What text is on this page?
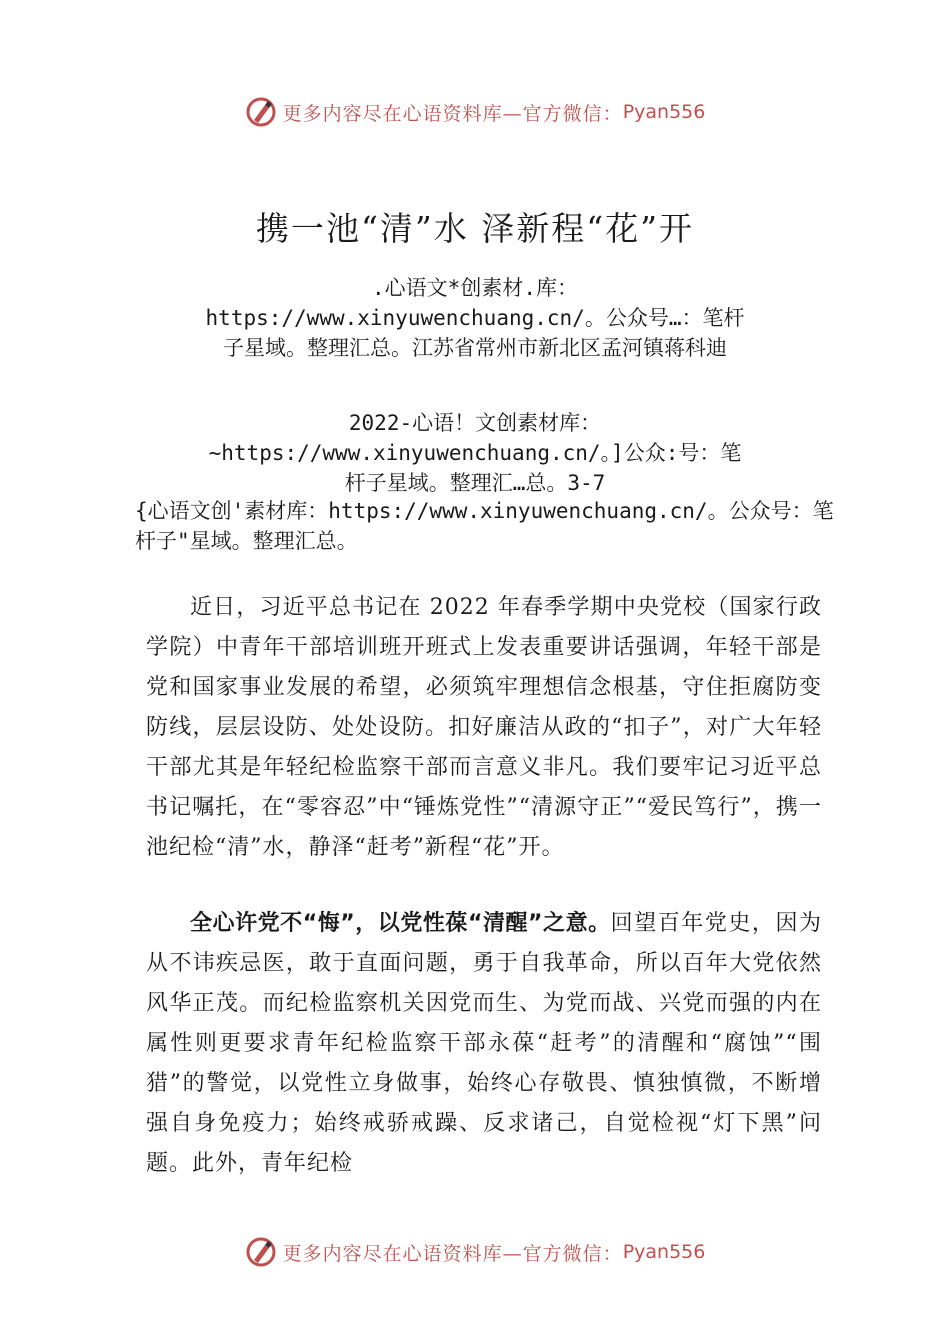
更多内容尽在心语资料库— 官方微信： Pyan556
携一池“清”水 泽新程“花”开
.心语文*创素材.库：https://www.xinyuwenchuang.cn/。公众号…：笔杆子星域。整理汇总。江苏省常州市新北区孟河镇蒋科迪
2022-心语！文创素材库：~https://www.xinyuwenchuang.cn/。]公众:号：笔杆子星域。整理汇…总。3-7
{心语文创'素材库：https://www.xinyuwenchuang.cn/。公众号：笔杆子"星域。整理汇总。
近日，习近平总书记在 2022 年春季学期中央党校（国家行政学院）中青年干部培训班开班式上发表重要讲话强调，年轻干部是党和国家事业发展的希望，必须筑牢理想信念根基，守住拒腐防变防线，层层设防、处处设防。扣好廉洁从政的“扣子”，对广大年轻干部尤其是年轻纪检监察干部而言意义非凡。我们要牢记习近平总书记嘱托，在“零容忍”中“锤炼党性”“清源守正”“爱民笃行”，携一池纪检“清”水，静泽“赶考”新程“花”开。
全心许党不“悔”，以党性葆“清醒”之意。回望百年党史，因为从不讳疾忌医，敢于直面问题，勇于自我革命，所以百年大党依然风华正茂。而纪检监察机关因党而生、为党而战、兴党而强的内在属性则更要求青年纪检监察干部永葆“赶考”的清醒和“腐蚀”“围猎”的警觉，以党性立身做事，始终心存敬畏、慎独慎微，不断增强自身免疫力；始终戒骄戒躁、反求诸己，自觉检视“灯下黑”问题。此外，青年纪检
更多内容尽在心语资料库— 官方微信： Pyan556
